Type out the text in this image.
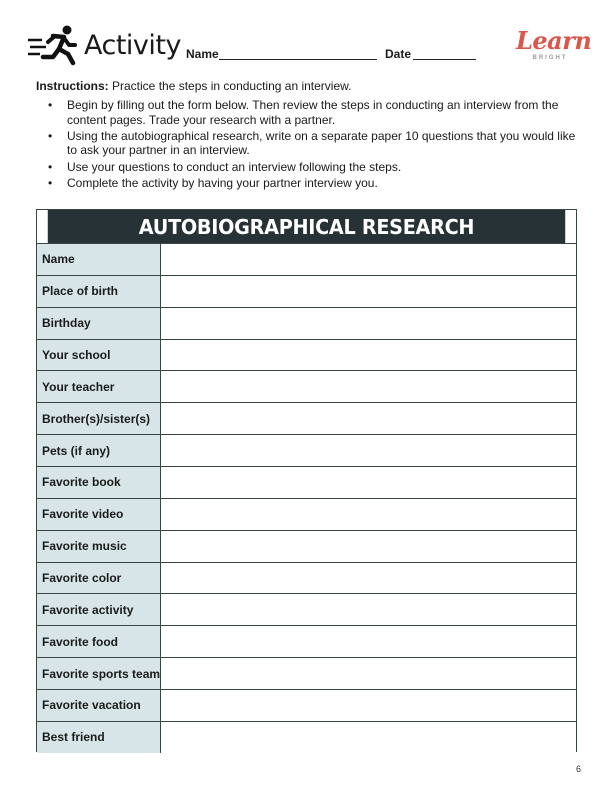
Activity Name	Date	Learn
BRIGHT
Instructions: Practice the steps in conducting an interview.
• Begin by filling out the form below. Then review the steps in conducting an interview from the content pages. Trade your research with a partner.
• Using the autobiographical research, write on a separate paper 10 questions that you would like to ask your partner in an interview.
• Use your questions to conduct an interview following the steps.
• Complete the activity by having your partner interview you.
AUTOBIOGRAPHICAL RESEARCH
Name
Place of birth
Birthday
Your school
Your teacher
Brother(s)/sister(s)
Pets (if any)
Favorite book
Favorite video
Favorite music
Favorite color
Favorite activity
Favorite food
Favorite sports team
Favorite vacation
Best friend
6
